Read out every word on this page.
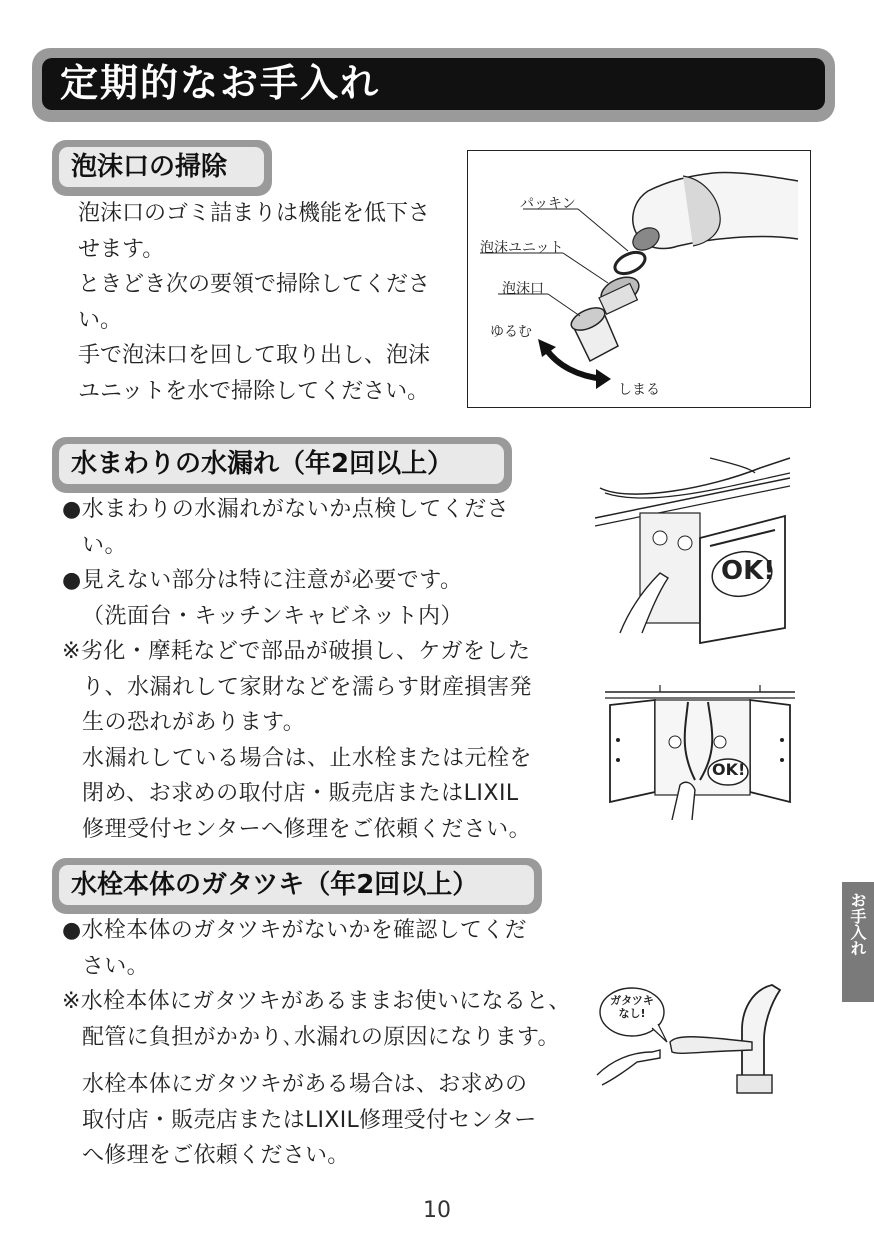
定期的なお手入れ
泡沫口の掃除
泡沫口のゴミ詰まりは機能を低下さ
せます。
ときどき次の要領で掃除してくださ
い。
手で泡沫口を回して取り出し、泡沫
ユニットを水で掃除してください。
パッキン
泡沫ユニット
泡沫口
ゆるむ
しまる
水まわりの水漏れ（年2回以上）
●水まわりの水漏れがないか点検してくださ
い。
●見えない部分は特に注意が必要です。
（洗面台・キッチンキャビネット内）
※劣化・摩耗などで部品が破損し、ケガをした
り、水漏れして家財などを濡らす財産損害発
生の恐れがあります。
水漏れしている場合は、止水栓または元栓を
閉め、お求めの取付店・販売店またはLIXIL
修理受付センターへ修理をご依頼ください。
OK!
OK!
水栓本体のガタツキ（年2回以上）
●水栓本体のガタツキがないかを確認してくだ
さい。
※水栓本体にガタツキがあるままお使いになると、
配管に負担がかかり､水漏れの原因になります。
水栓本体にガタツキがある場合は、お求めの
取付店・販売店またはLIXIL修理受付センター
へ修理をご依頼ください。
ガタツキ
なし!
お手入れ
10
